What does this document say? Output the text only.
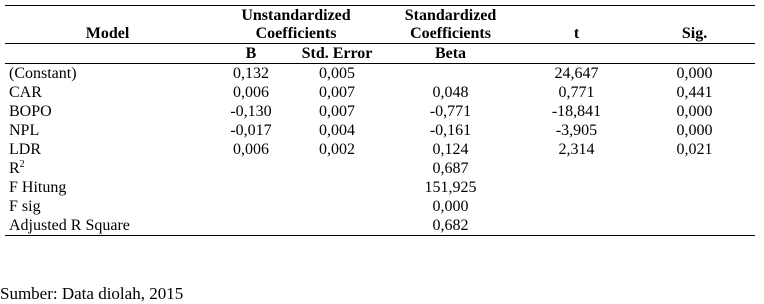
	Unstandardized		Standardized		
Model	Coefficients		Coefficients	t	Sig.
	B	Std. Error	Beta		
(Constant)	0,132	0,005		24,647	0,000
CAR	0,006	0,007	0,048	0,771	0,441
BOPO	-0,130	0,007	-0,771	-18,841	0,000
NPL	-0,017	0,004	-0,161	-3,905	0,000
LDR	0,006	0,002	0,124	2,314	0,021
$R^2$			0,687		
F Hitung			151,925		
F sig			0,000		
Adjusted R Square			0,682		
Sumber: Data diolah, 2015
